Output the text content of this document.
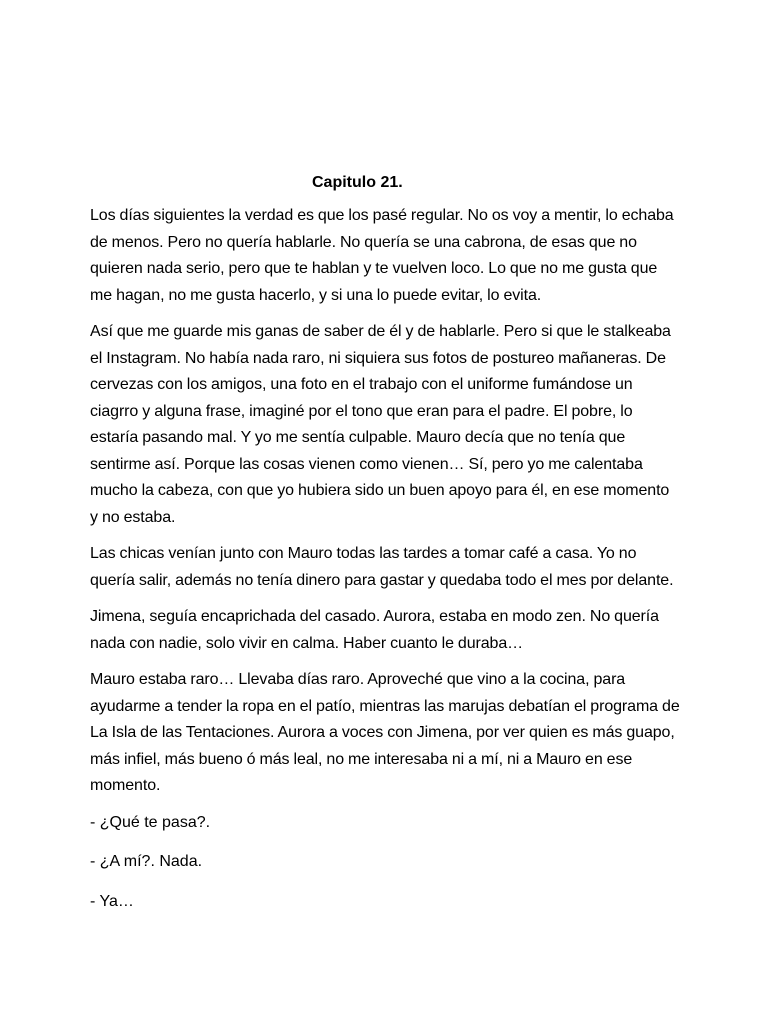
Capitulo 21.

Los días siguientes la verdad es que los pasé regular. No os voy a mentir, lo echaba de menos. Pero no quería hablarle. No quería se una cabrona, de esas que no quieren nada serio, pero que te hablan y te vuelven loco. Lo que no me gusta que me hagan, no me gusta hacerlo, y si una lo puede evitar, lo evita.

Así que me guarde mis ganas de saber de él y de hablarle. Pero si que le stalkeaba el Instagram. No había nada raro, ni siquiera sus fotos de postureo mañaneras. De cervezas con los amigos, una foto en el trabajo con el uniforme fumándose un ciagrro y alguna frase, imaginé por el tono que eran para el padre. El pobre, lo estaría pasando mal. Y yo me sentía culpable. Mauro decía que no tenía que sentirme así. Porque las cosas vienen como vienen… Sí, pero yo me calentaba mucho la cabeza, con que yo hubiera sido un buen apoyo para él, en ese momento y no estaba.

Las chicas venían junto con Mauro todas las tardes a tomar café a casa. Yo no quería salir, además no tenía dinero para gastar y quedaba todo el mes por delante.

Jimena, seguía encaprichada del casado. Aurora, estaba en modo zen. No quería nada con nadie, solo vivir en calma. Haber cuanto le duraba…

Mauro estaba raro… Llevaba días raro. Aproveché que vino a la cocina, para ayudarme a tender la ropa en el patío, mientras las marujas debatían el programa de La Isla de las Tentaciones. Aurora a voces con Jimena, por ver quien es más guapo, más infiel, más bueno ó más leal, no me interesaba ni a mí, ni a Mauro en ese momento.

- ¿Qué te pasa?.

- ¿A mí?. Nada.

- Ya…
